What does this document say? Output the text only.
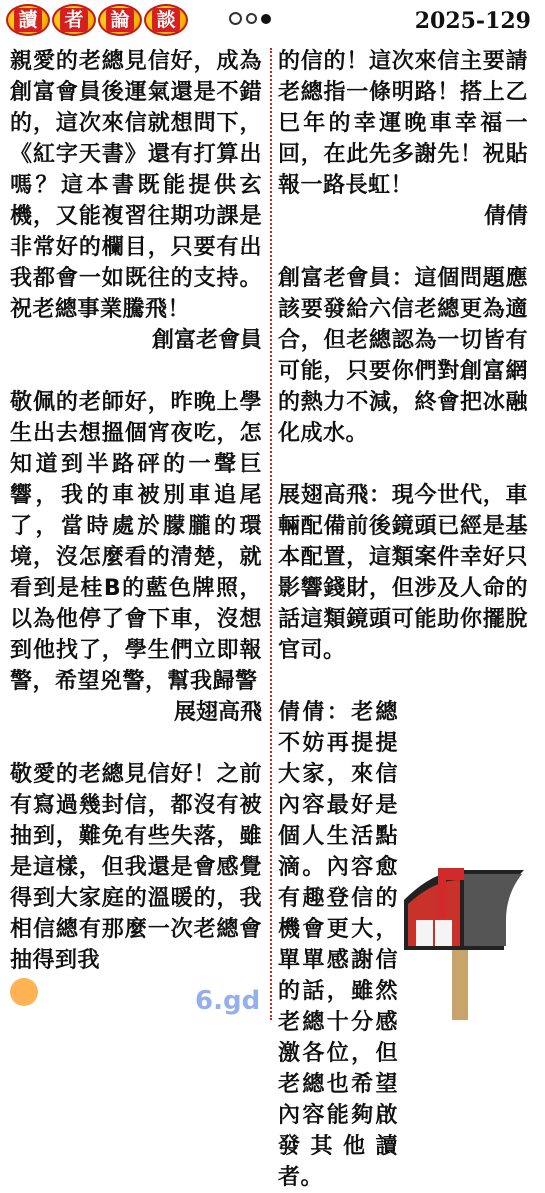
讀 者 論 談	2025-129

親愛的老總見信好，成為創富會員後運氣還是不錯的，這次來信就想問下，《紅字天書》還有打算出嗎？這本書既能提供玄機，又能複習往期功課是非常好的欄目，只要有出我都會一如既往的支持。祝老總事業騰飛！

創富老會員

敬佩的老師好，昨晚上學生出去想搵個宵夜吃，怎知道到半路砰的一聲巨響，我的車被別車追尾了，當時處於朦朧的環境，沒怎麼看的清楚，就看到是桂B的藍色牌照，以為他停了會下車，沒想到他找了，學生們立即報警，希望兇警，幫我歸警

展翅高飛

敬愛的老總見信好！之前有寫過幾封信，都沒有被抽到，難免有些失落，雖是這樣，但我還是會感覺得到大家庭的溫暖的，我相信總有那麼一次老總會抽得到我

的信的！這次來信主要請老總指一條明路！搭上乙巳年的幸運晚車幸福一回，在此先多謝先！祝貼報一路長虹！

倩倩

創富老會員：這個問題應該要發給六信老總更為適合，但老總認為一切皆有可能，只要你們對創富網的熱力不減，終會把冰融化成水。

展翅高飛：現今世代，車輛配備前後鏡頭已經是基本配置，這類案件幸好只影響錢財，但涉及人命的話這類鏡頭可能助你擺脫官司。

倩倩：老總不妨再提提大家，來信內容最好是個人生活點滴。內容愈有趣登信的機會更大，單單感謝信的話，雖然老總十分感激各位，但老總也希望內容能夠啟發其他讀者。

6.gd
